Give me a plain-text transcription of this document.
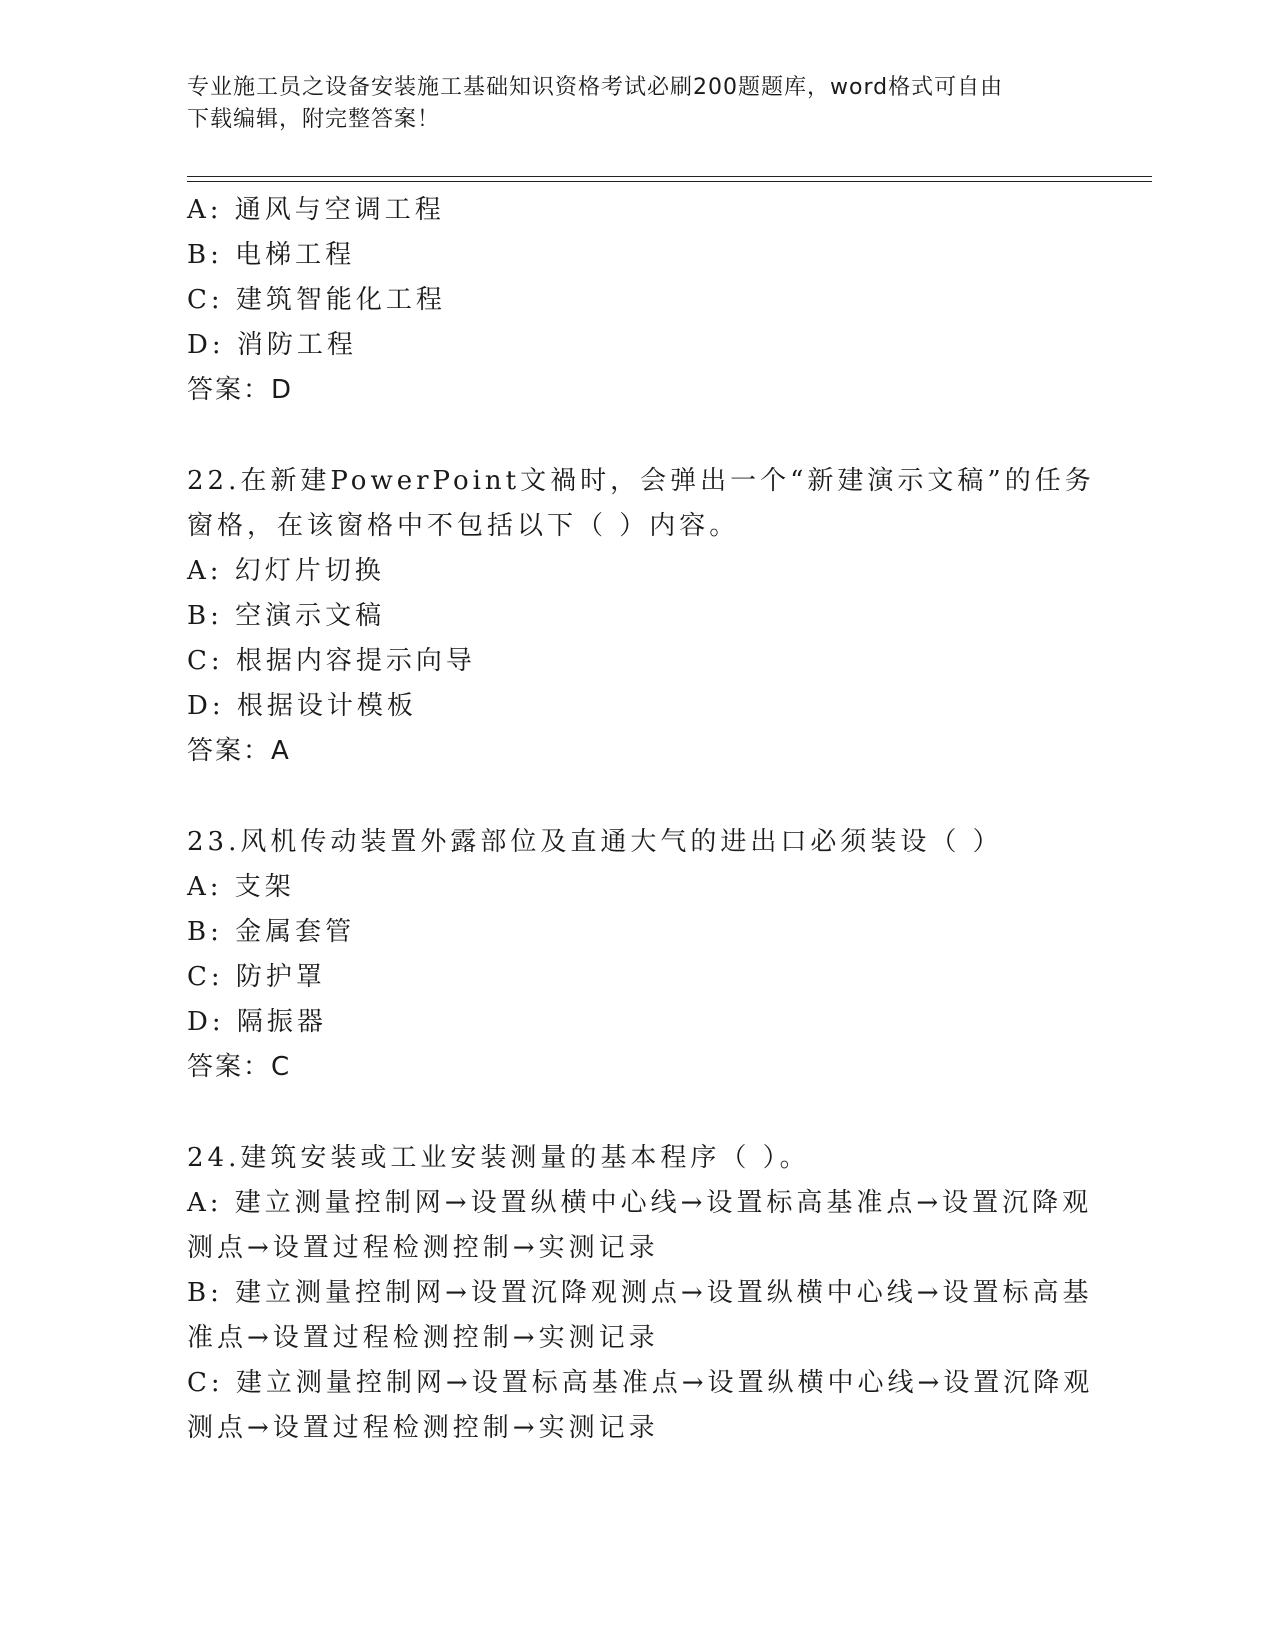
专业施工员之设备安装施工基础知识资格考试必刷200题题库，word格式可自由
下载编辑，附完整答案！
A: 通风与空调工程
B: 电梯工程
C: 建筑智能化工程
D: 消防工程
答案：D
22.在新建PowerPoint文禍时，会弹出一个“新建演示文稿”的任务
窗格，在该窗格中不包括以下（ ）内容。
A: 幻灯片切换
B: 空演示文稿
C: 根据内容提示向导
D: 根据设计模板
答案：A
23.风机传动装置外露部位及直通大气的进出口必须装设（ ）
A: 支架
B: 金属套管
C: 防护罩
D: 隔振器
答案：C
24.建筑安装或工业安装测量的基本程序（ ）。
A: 建立测量控制网→设置纵横中心线→设置标高基准点→设置沉降观
测点→设置过程检测控制→实测记录
B: 建立测量控制网→设置沉降观测点→设置纵横中心线→设置标高基
准点→设置过程检测控制→实测记录
C: 建立测量控制网→设置标高基准点→设置纵横中心线→设置沉降观
测点→设置过程检测控制→实测记录
